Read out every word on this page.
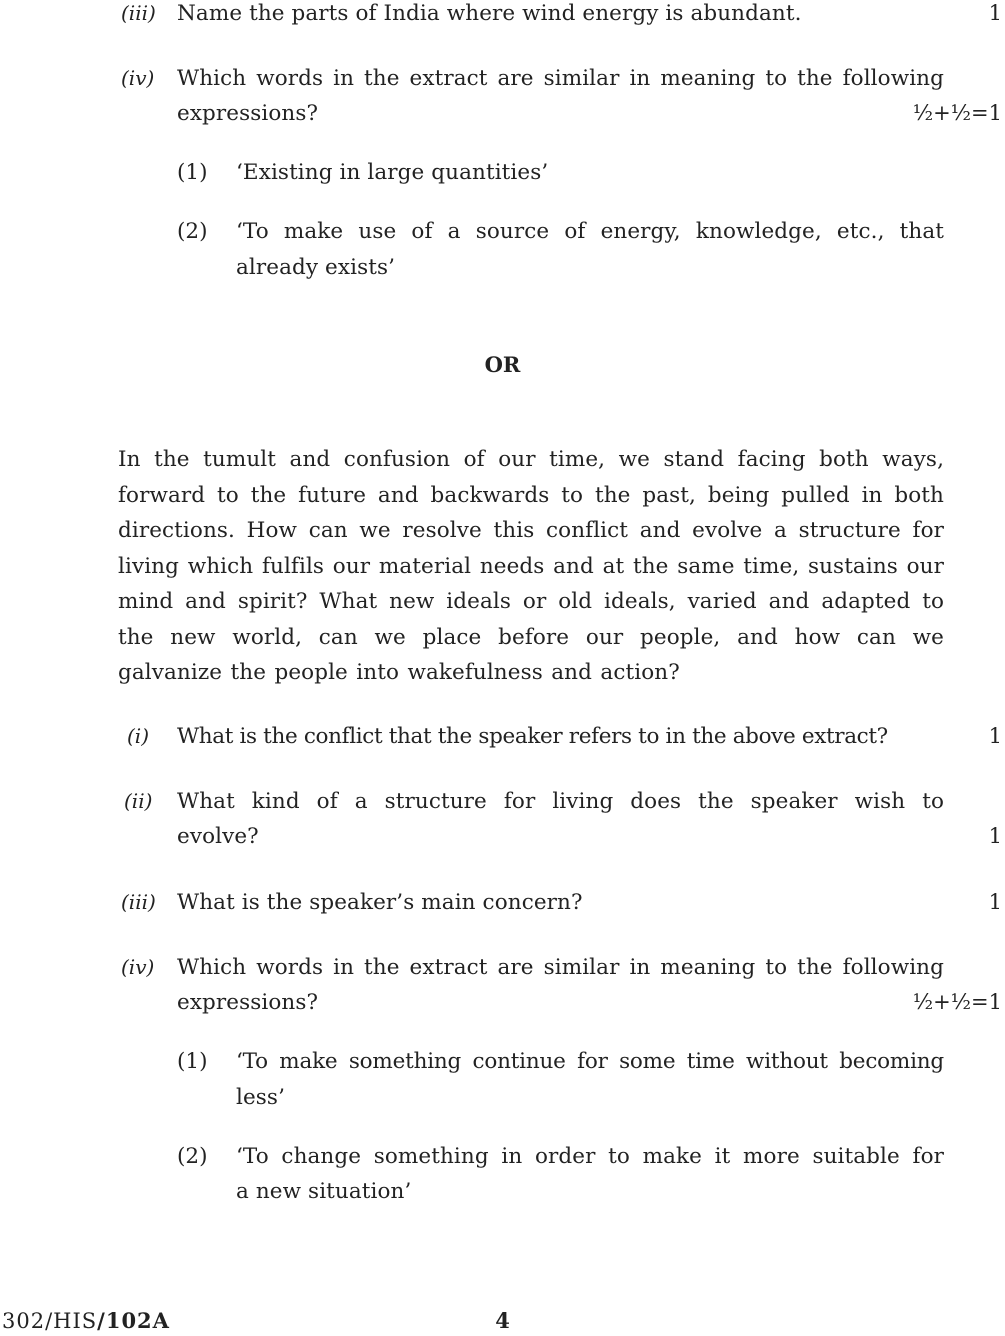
(iii) Name the parts of India where wind energy is abundant.	1
(iv) Which words in the extract are similar in meaning to the following
expressions?	½+½=1
(1) ‘Existing in large quantities’
(2) ‘To make use of a source of energy, knowledge, etc., that
already exists’
OR
In the tumult and confusion of our time, we stand facing both ways, forward to the future and backwards to the past, being pulled in both directions. How can we resolve this conflict and evolve a structure for living which fulfils our material needs and at the same time, sustains our mind and spirit? What new ideals or old ideals, varied and adapted to the new world, can we place before our people, and how can we galvanize the people into wakefulness and action?
(i) What is the conflict that the speaker refers to in the above extract?	1
(ii) What kind of a structure for living does the speaker wish to
evolve?	1
(iii) What is the speaker’s main concern?	1
(iv) Which words in the extract are similar in meaning to the following
expressions?	½+½=1
(1) ‘To make something continue for some time without becoming
less’
(2) ‘To change something in order to make it more suitable for
a new situation’
302/HIS/102A	4
